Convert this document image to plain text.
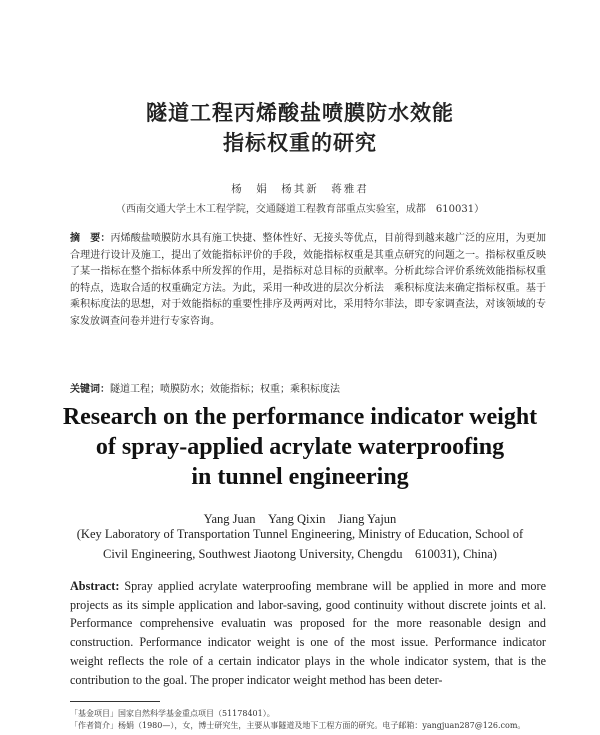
隧道工程丙烯酸盐喷膜防水效能
指标权重的研究
杨　娟　杨其新　蒋雅君
（西南交通大学土木工程学院，交通隧道工程教育部重点实验室，成都　610031）
摘　要：丙烯酸盐喷膜防水具有施工快捷、整体性好、无接头等优点，目前得到越来越广泛的应用，为更加合理进行设计及施工，提出了效能指标评价的手段，效能指标权重是其重点研究的问题之一。指标权重反映了某一指标在整个指标体系中所发挥的作用，是指标对总目标的贡献率。分析此综合评价系统效能指标权重的特点，选取合适的权重确定方法。为此，采用一种改进的层次分析法　乘积标度法来确定指标权重。基于乘积标度法的思想，对于效能指标的重要性排序及两两对比，采用特尔菲法，即专家调查法，对该领域的专家发放调查问卷并进行专家咨询。
关键词：隧道工程；喷膜防水；效能指标；权重；乘积标度法
Research on the performance indicator weight
of spray-applied acrylate waterproofing
in tunnel engineering
Yang Juan　Yang Qixin　Jiang Yajun
(Key Laboratory of Transportation Tunnel Engineering, Ministry of Education, School of
Civil Engineering, Southwest Jiaotong University, Chengdu　610031), China)
Abstract: Spray applied acrylate waterproofing membrane will be applied in more and more projects as its simple application and labor-saving, good continuity without discrete joints et al. Performance comprehensive evaluatin was proposed for the more reasonable design and construction. Performance indicator weight is one of the most issue. Performance indicator weight reflects the role of a certain indicator plays in the whole indicator system, that is the contribution to the goal. The proper indicator weight method has been deter-
「基金项目」国家自然科学基金重点项目（51178401）。
「作者简介」杨娟（1980—），女，博士研究生，主要从事隧道及地下工程方面的研究。电子邮箱：yangjuan287@126.com。
